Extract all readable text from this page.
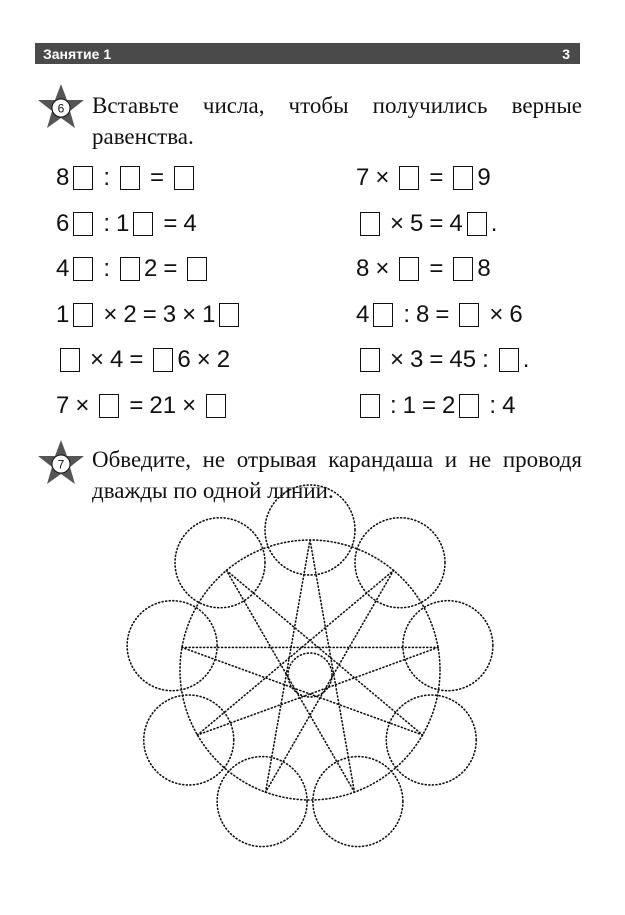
Занятие 1	3
6 Вставьте числа, чтобы получились верные равенства.
8 : =
6 : 1 = 4
4 : 2 =
1 × 2 = 3 × 1
× 4 = 6 × 2
7 × = 21 ×
7 × = 9
× 5 = 4 .
8 × = 8
4 : 8 = × 6
× 3 = 45 : .
: 1 = 2 : 4
7 Обведите, не отрывая карандаша и не проводя дважды по одной линии.
